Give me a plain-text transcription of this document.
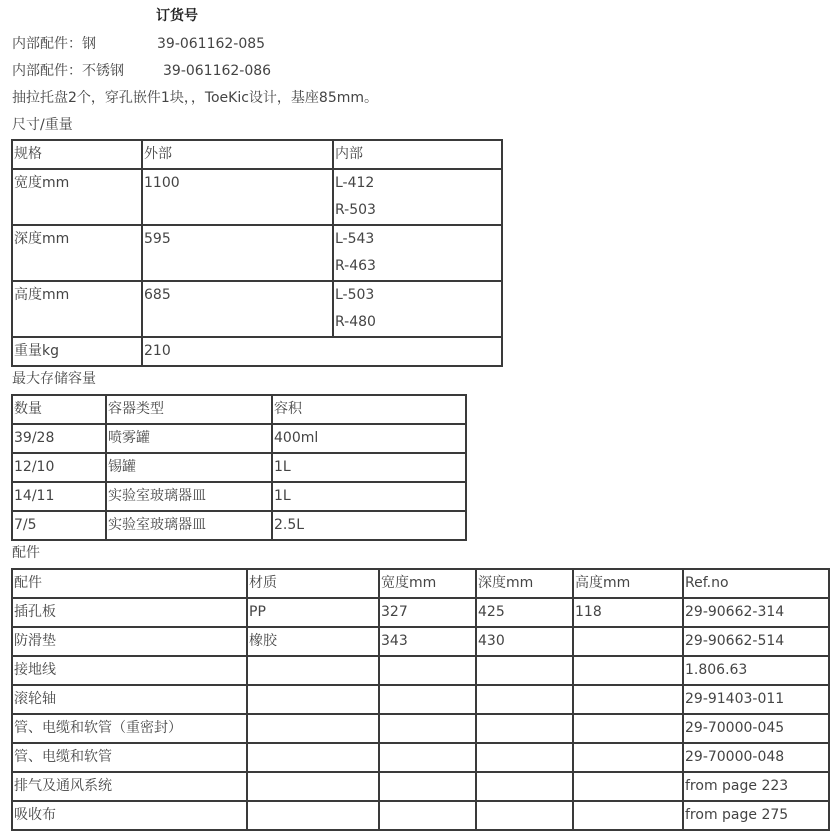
订货号
内部配件：钢	39-061162-085
内部配件：不锈钢	39-061162-086
抽拉托盘2个，穿孔嵌件1块，，ToeKic设计，基座85mm。
尺寸/重量
规格	外部	内部
宽度mm	1100	L-412
R-503

深度mm	595	L-543
R-463

高度mm	685	L-503
R-480

重量kg	210	
最大存储容量
数量	容器类型	容积
39/28	喷雾罐	400ml
12/10	锡罐	1L
14/11	实验室玻璃器皿	1L
7/5	实验室玻璃器皿	2.5L
配件
配件	材质	宽度mm	深度mm	高度mm	Ref.no
插孔板	PP	327	425	118	29-90662-314
防滑垫	橡胶	343	430		29-90662-514
接地线					1.806.63
滚轮轴					29-91403-011
管、电缆和软管（重密封）					29-70000-045
管、电缆和软管					29-70000-048
排气及通风系统					from page 223
吸收布					from page 275
